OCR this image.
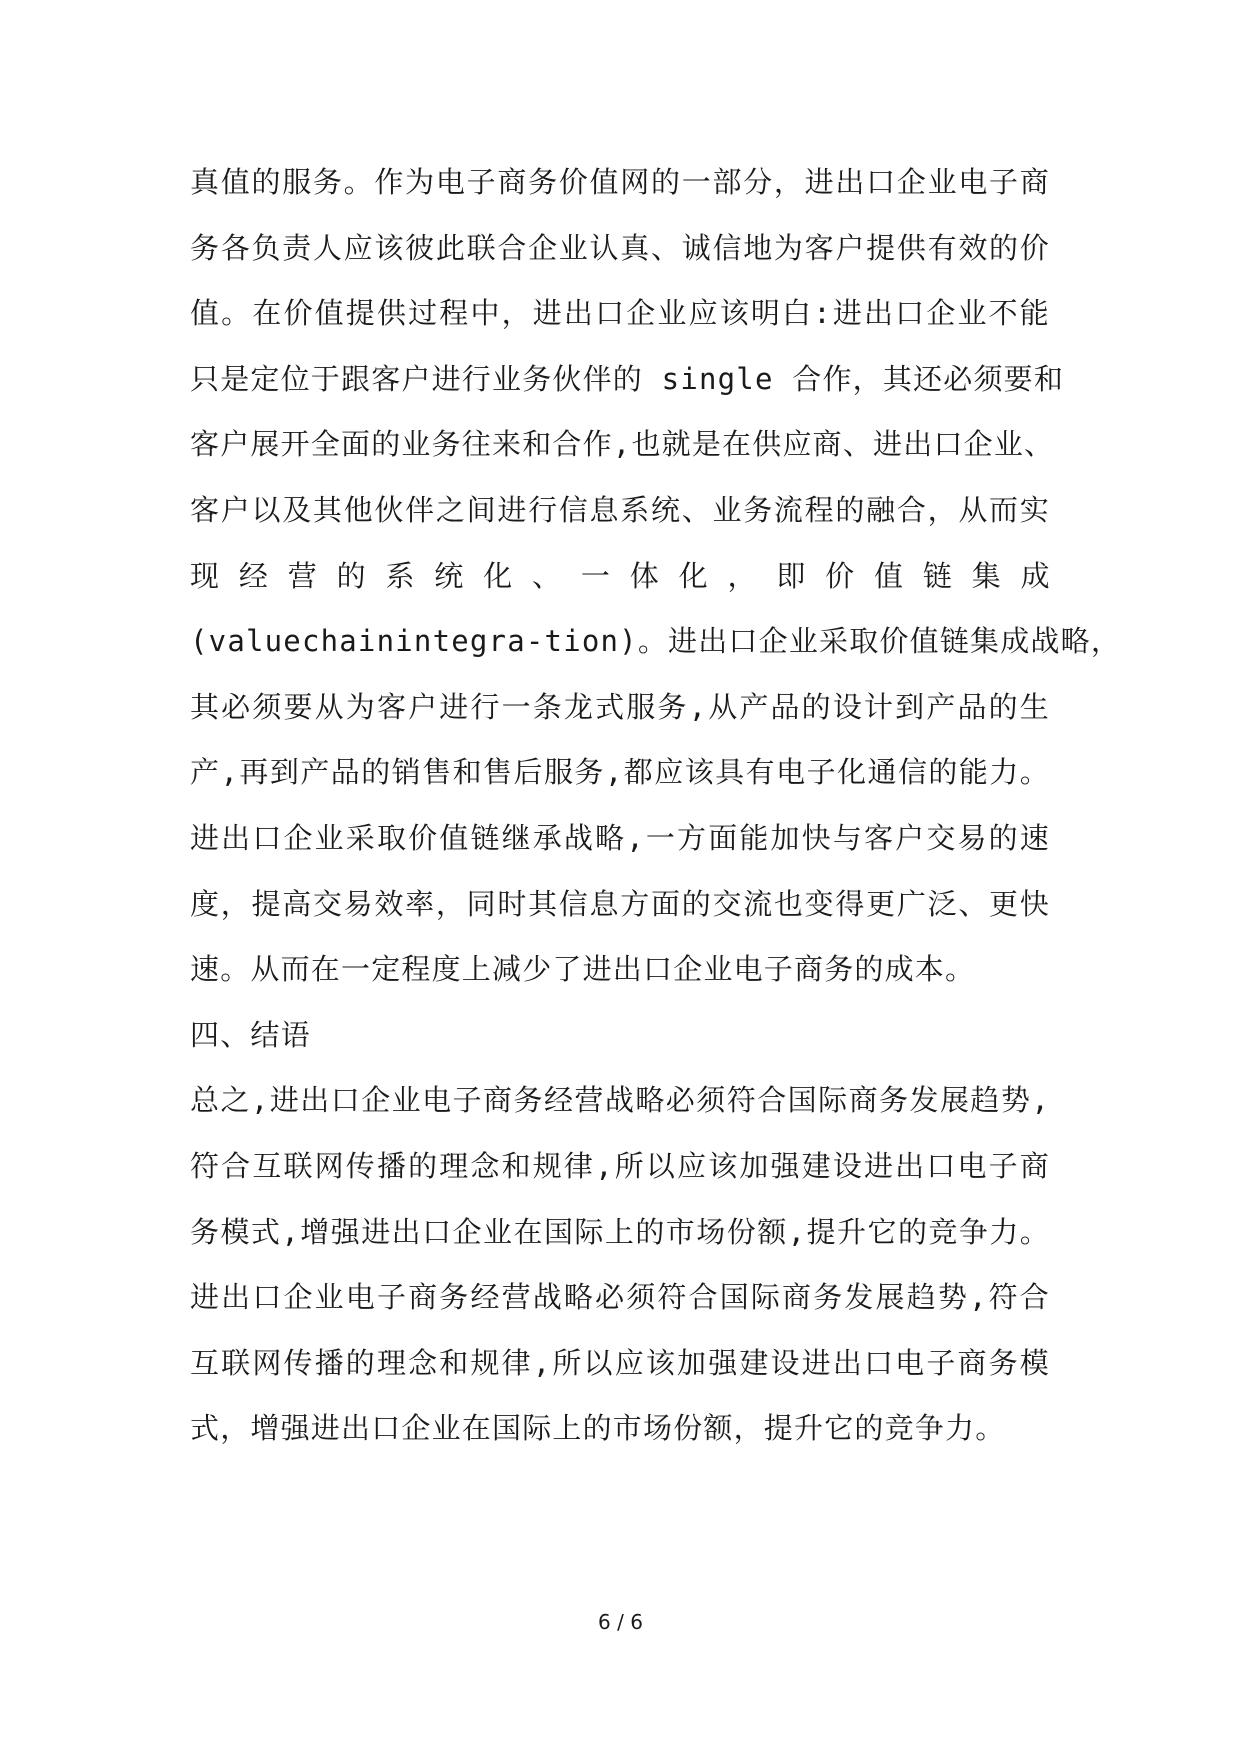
真值的服务。作为电子商务价值网的一部分，进出口企业电子商
务各负责人应该彼此联合企业认真、诚信地为客户提供有效的价
值。在价值提供过程中，进出口企业应该明白:进出口企业不能
只是定位于跟客户进行业务伙伴的 single 合作，其还必须要和
客户展开全面的业务往来和合作,也就是在供应商、进出口企业、
客户以及其他伙伴之间进行信息系统、业务流程的融合，从而实
现 经 营 的 系 统 化 、 一 体 化 ， 即 价 值 链 集 成
(valuechainintegra-tion)。进出口企业采取价值链集成战略，
其必须要从为客户进行一条龙式服务,从产品的设计到产品的生
产,再到产品的销售和售后服务,都应该具有电子化通信的能力。
进出口企业采取价值链继承战略,一方面能加快与客户交易的速
度，提高交易效率，同时其信息方面的交流也变得更广泛、更快
速。从而在一定程度上减少了进出口企业电子商务的成本。
四、结语
总之,进出口企业电子商务经营战略必须符合国际商务发展趋势,
符合互联网传播的理念和规律,所以应该加强建设进出口电子商
务模式,增强进出口企业在国际上的市场份额,提升它的竞争力。
进出口企业电子商务经营战略必须符合国际商务发展趋势,符合
互联网传播的理念和规律,所以应该加强建设进出口电子商务模
式，增强进出口企业在国际上的市场份额，提升它的竞争力。
6 / 6
